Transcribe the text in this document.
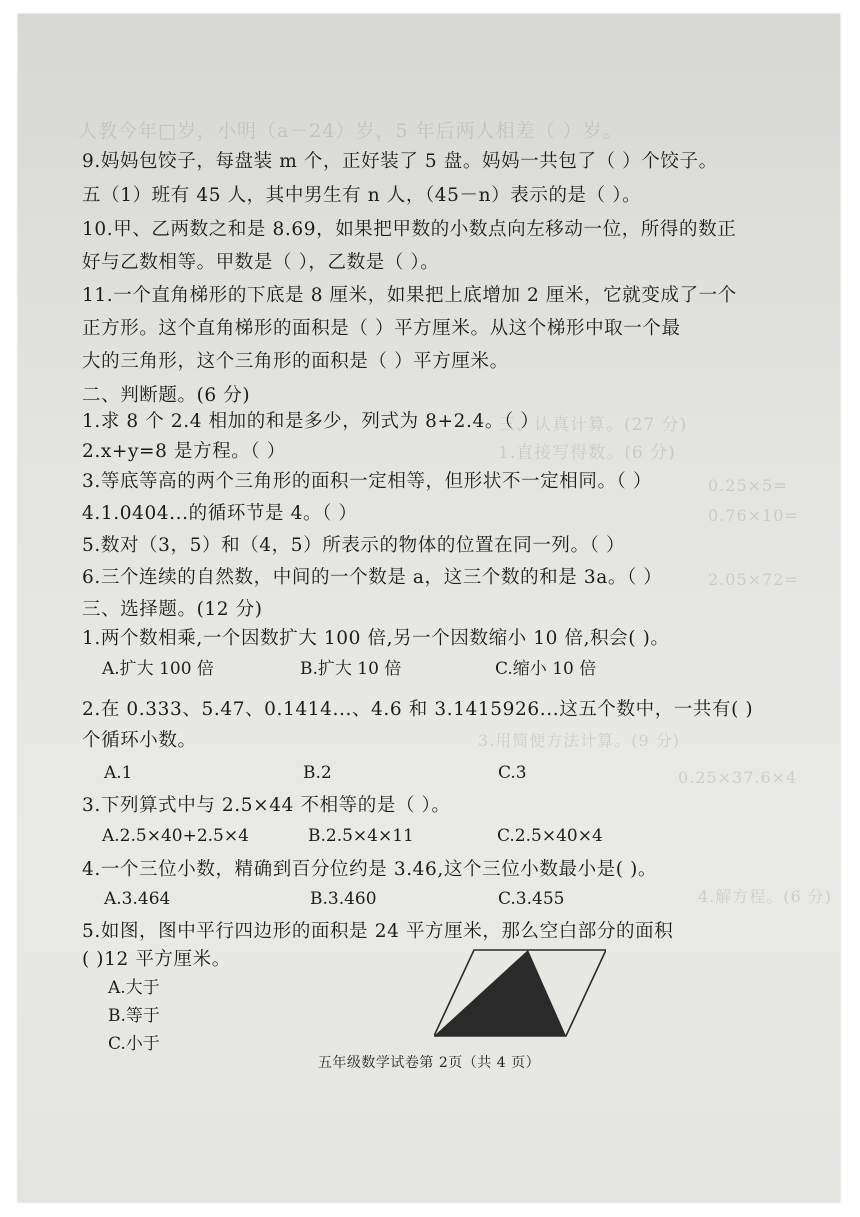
人教今年□岁，小明（a－24）岁，5 年后两人相差（ ）岁。
三、认真计算。(27 分)
1.直接写得数。(6 分)
0.25×5=
0.76×10=
2.05×72=
3.用简便方法计算。(9 分)
0.25×37.6×4
4.解方程。(6 分)
9.妈妈包饺子，每盘装 m 个，正好装了 5 盘。妈妈一共包了（ ）个饺子。
五（1）班有 45 人，其中男生有 n 人，（45－n）表示的是（ ）。
10.甲、乙两数之和是 8.69，如果把甲数的小数点向左移动一位，所得的数正
好与乙数相等。甲数是（ ），乙数是（ ）。
11.一个直角梯形的下底是 8 厘米，如果把上底增加 2 厘米，它就变成了一个
正方形。这个直角梯形的面积是（ ）平方厘米。从这个梯形中取一个最
大的三角形，这个三角形的面积是（ ）平方厘米。
二、判断题。(6 分)
1.求 8 个 2.4 相加的和是多少，列式为 8+2.4。（ ）
2.x+y=8 是方程。（ ）
3.等底等高的两个三角形的面积一定相等，但形状不一定相同。（ ）
4.1.0404...的循环节是 4。（ ）
5.数对（3，5）和（4，5）所表示的物体的位置在同一列。（ ）
6.三个连续的自然数，中间的一个数是 a，这三个数的和是 3a。（ ）
三、选择题。(12 分)
1.两个数相乘,一个因数扩大 100 倍,另一个因数缩小 10 倍,积会( )。
A.扩大 100 倍	B.扩大 10 倍	C.缩小 10 倍
2.在 0.333、5.47、0.1414...、4.6 和 3.1415926...这五个数中，一共有( )
个循环小数。
A.1	B.2	C.3
3.下列算式中与 2.5×44 不相等的是（ ）。
A.2.5×40+2.5×4	B.2.5×4×11	C.2.5×40×4
4.一个三位小数，精确到百分位约是 3.46,这个三位小数最小是( )。
A.3.464	B.3.460	C.3.455
5.如图，图中平行四边形的面积是 24 平方厘米，那么空白部分的面积
( )12 平方厘米。
A.大于
B.等于
C.小于
五年级数学试卷第 2页（共 4 页）
